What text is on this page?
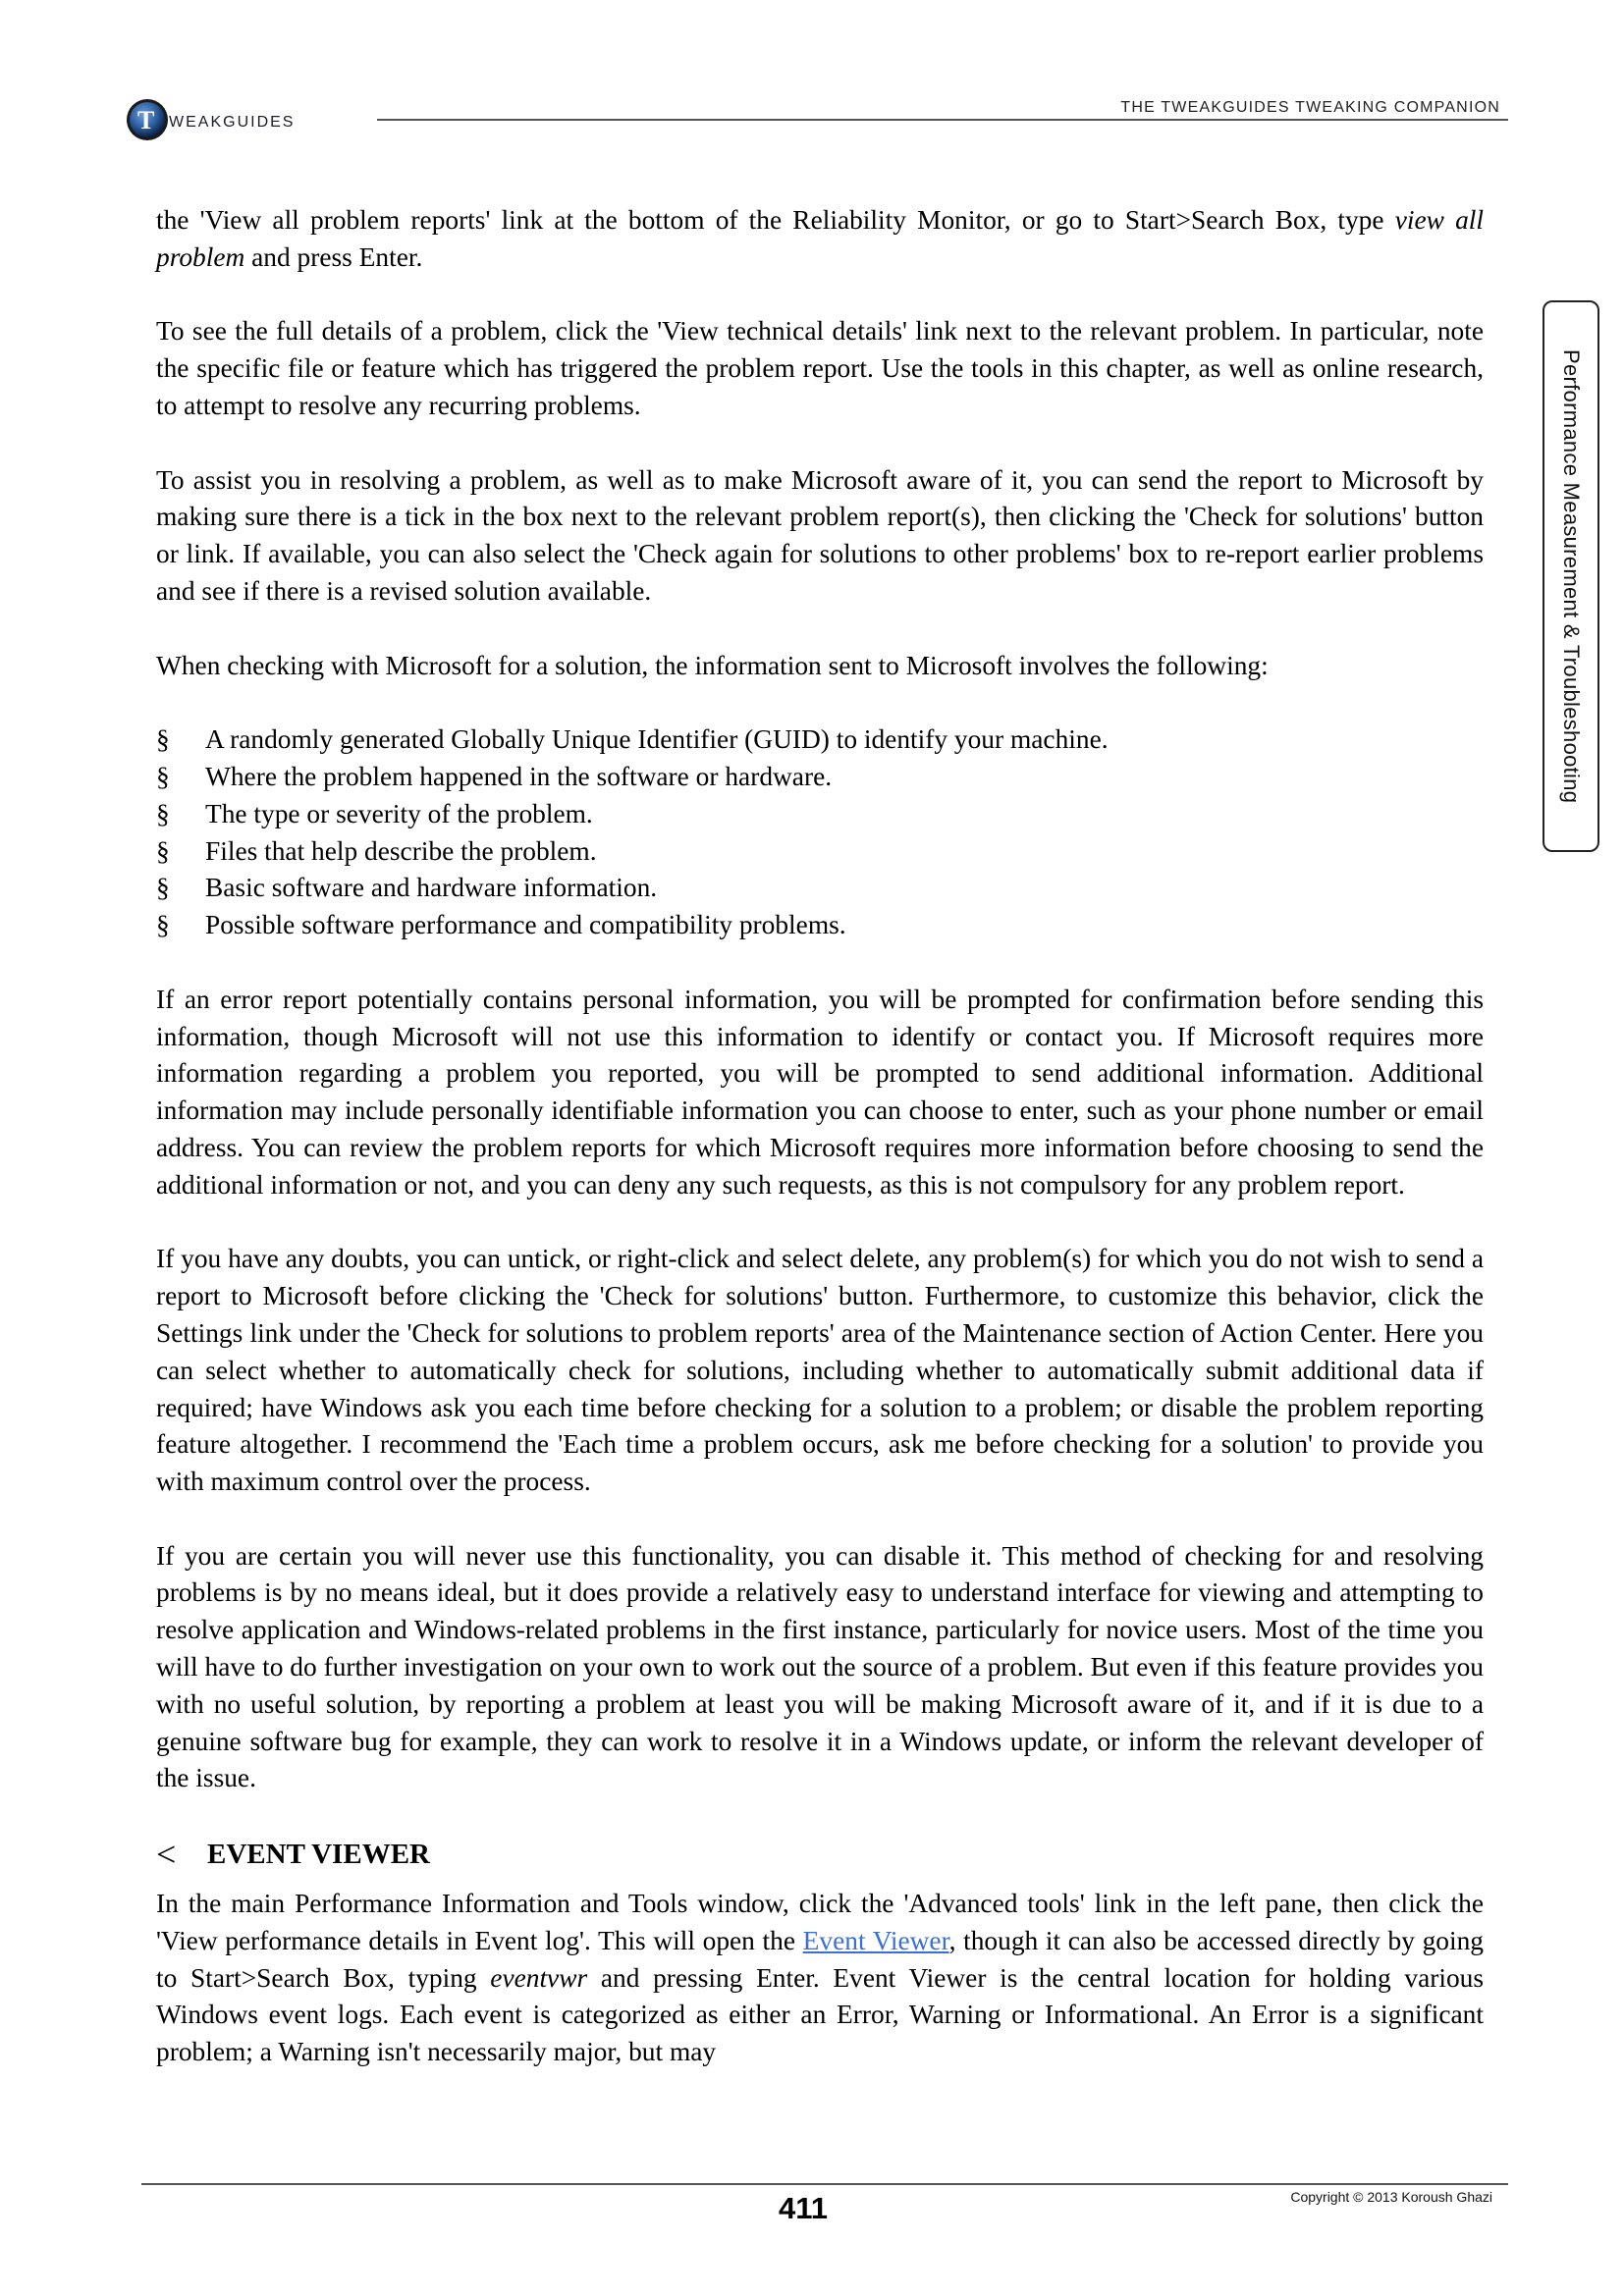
T WEAKGUIDES
THE TWEAKGUIDES TWEAKING COMPANION
Performance Measurement & Troubleshooting

the 'View all problem reports' link at the bottom of the Reliability Monitor, or go to Start>Search Box, type view all problem and press Enter.

To see the full details of a problem, click the 'View technical details' link next to the relevant problem. In particular, note the specific file or feature which has triggered the problem report. Use the tools in this chapter, as well as online research, to attempt to resolve any recurring problems.

To assist you in resolving a problem, as well as to make Microsoft aware of it, you can send the report to Microsoft by making sure there is a tick in the box next to the relevant problem report(s), then clicking the 'Check for solutions' button or link. If available, you can also select the 'Check again for solutions to other problems' box to re-report earlier problems and see if there is a revised solution available.

When checking with Microsoft for a solution, the information sent to Microsoft involves the following:

§	A randomly generated Globally Unique Identifier (GUID) to identify your machine.
§	Where the problem happened in the software or hardware.
§	The type or severity of the problem.
§	Files that help describe the problem.
§	Basic software and hardware information.
§	Possible software performance and compatibility problems.

If an error report potentially contains personal information, you will be prompted for confirmation before sending this information, though Microsoft will not use this information to identify or contact you. If Microsoft requires more information regarding a problem you reported, you will be prompted to send additional information. Additional information may include personally identifiable information you can choose to enter, such as your phone number or email address. You can review the problem reports for which Microsoft requires more information before choosing to send the additional information or not, and you can deny any such requests, as this is not compulsory for any problem report.

If you have any doubts, you can untick, or right-click and select delete, any problem(s) for which you do not wish to send a report to Microsoft before clicking the 'Check for solutions' button. Furthermore, to customize this behavior, click the Settings link under the 'Check for solutions to problem reports' area of the Maintenance section of Action Center. Here you can select whether to automatically check for solutions, including whether to automatically submit additional data if required; have Windows ask you each time before checking for a solution to a problem; or disable the problem reporting feature altogether. I recommend the 'Each time a problem occurs, ask me before checking for a solution' to provide you with maximum control over the process.

If you are certain you will never use this functionality, you can disable it. This method of checking for and resolving problems is by no means ideal, but it does provide a relatively easy to understand interface for viewing and attempting to resolve application and Windows-related problems in the first instance, particularly for novice users. Most of the time you will have to do further investigation on your own to work out the source of a problem. But even if this feature provides you with no useful solution, by reporting a problem at least you will be making Microsoft aware of it, and if it is due to a genuine software bug for example, they can work to resolve it in a Windows update, or inform the relevant developer of the issue.

<	EVENT VIEWER

In the main Performance Information and Tools window, click the 'Advanced tools' link in the left pane, then click the 'View performance details in Event log'. This will open the Event Viewer, though it can also be accessed directly by going to Start>Search Box, typing eventvwr and pressing Enter. Event Viewer is the central location for holding various Windows event logs. Each event is categorized as either an Error, Warning or Informational. An Error is a significant problem; a Warning isn't necessarily major, but may

411	Copyright © 2013 Koroush Ghazi
